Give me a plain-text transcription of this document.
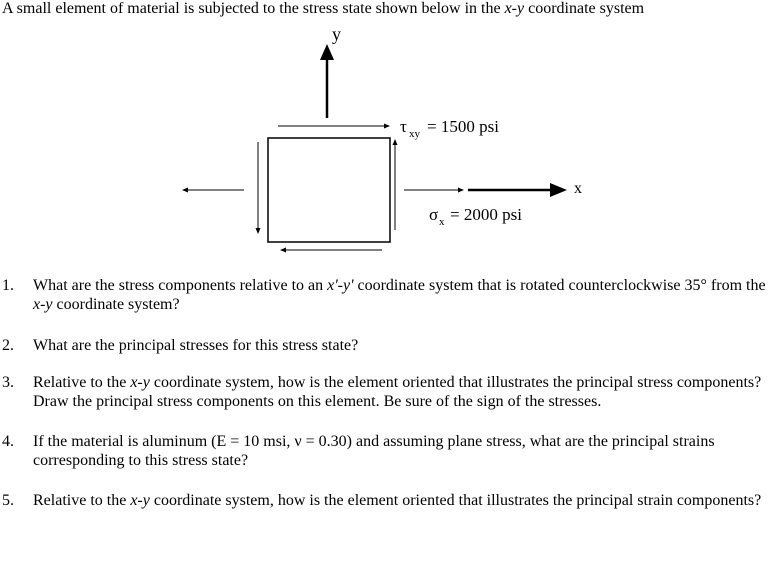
A small element of material is subjected to the stress state shown below in the x-y coordinate system
y
x
τ xy = 1500 psi
σ x = 2000 psi
1. What are the stress components relative to an x'-y' coordinate system that is rotated counterclockwise 35° from the x-y coordinate system?
2. What are the principal stresses for this stress state?
3. Relative to the x-y coordinate system, how is the element oriented that illustrates the principal stress components? Draw the principal stress components on this element. Be sure of the sign of the stresses.
4. If the material is aluminum (E = 10 msi, ν = 0.30) and assuming plane stress, what are the principal strains corresponding to this stress state?
5. Relative to the x-y coordinate system, how is the element oriented that illustrates the principal strain components?
